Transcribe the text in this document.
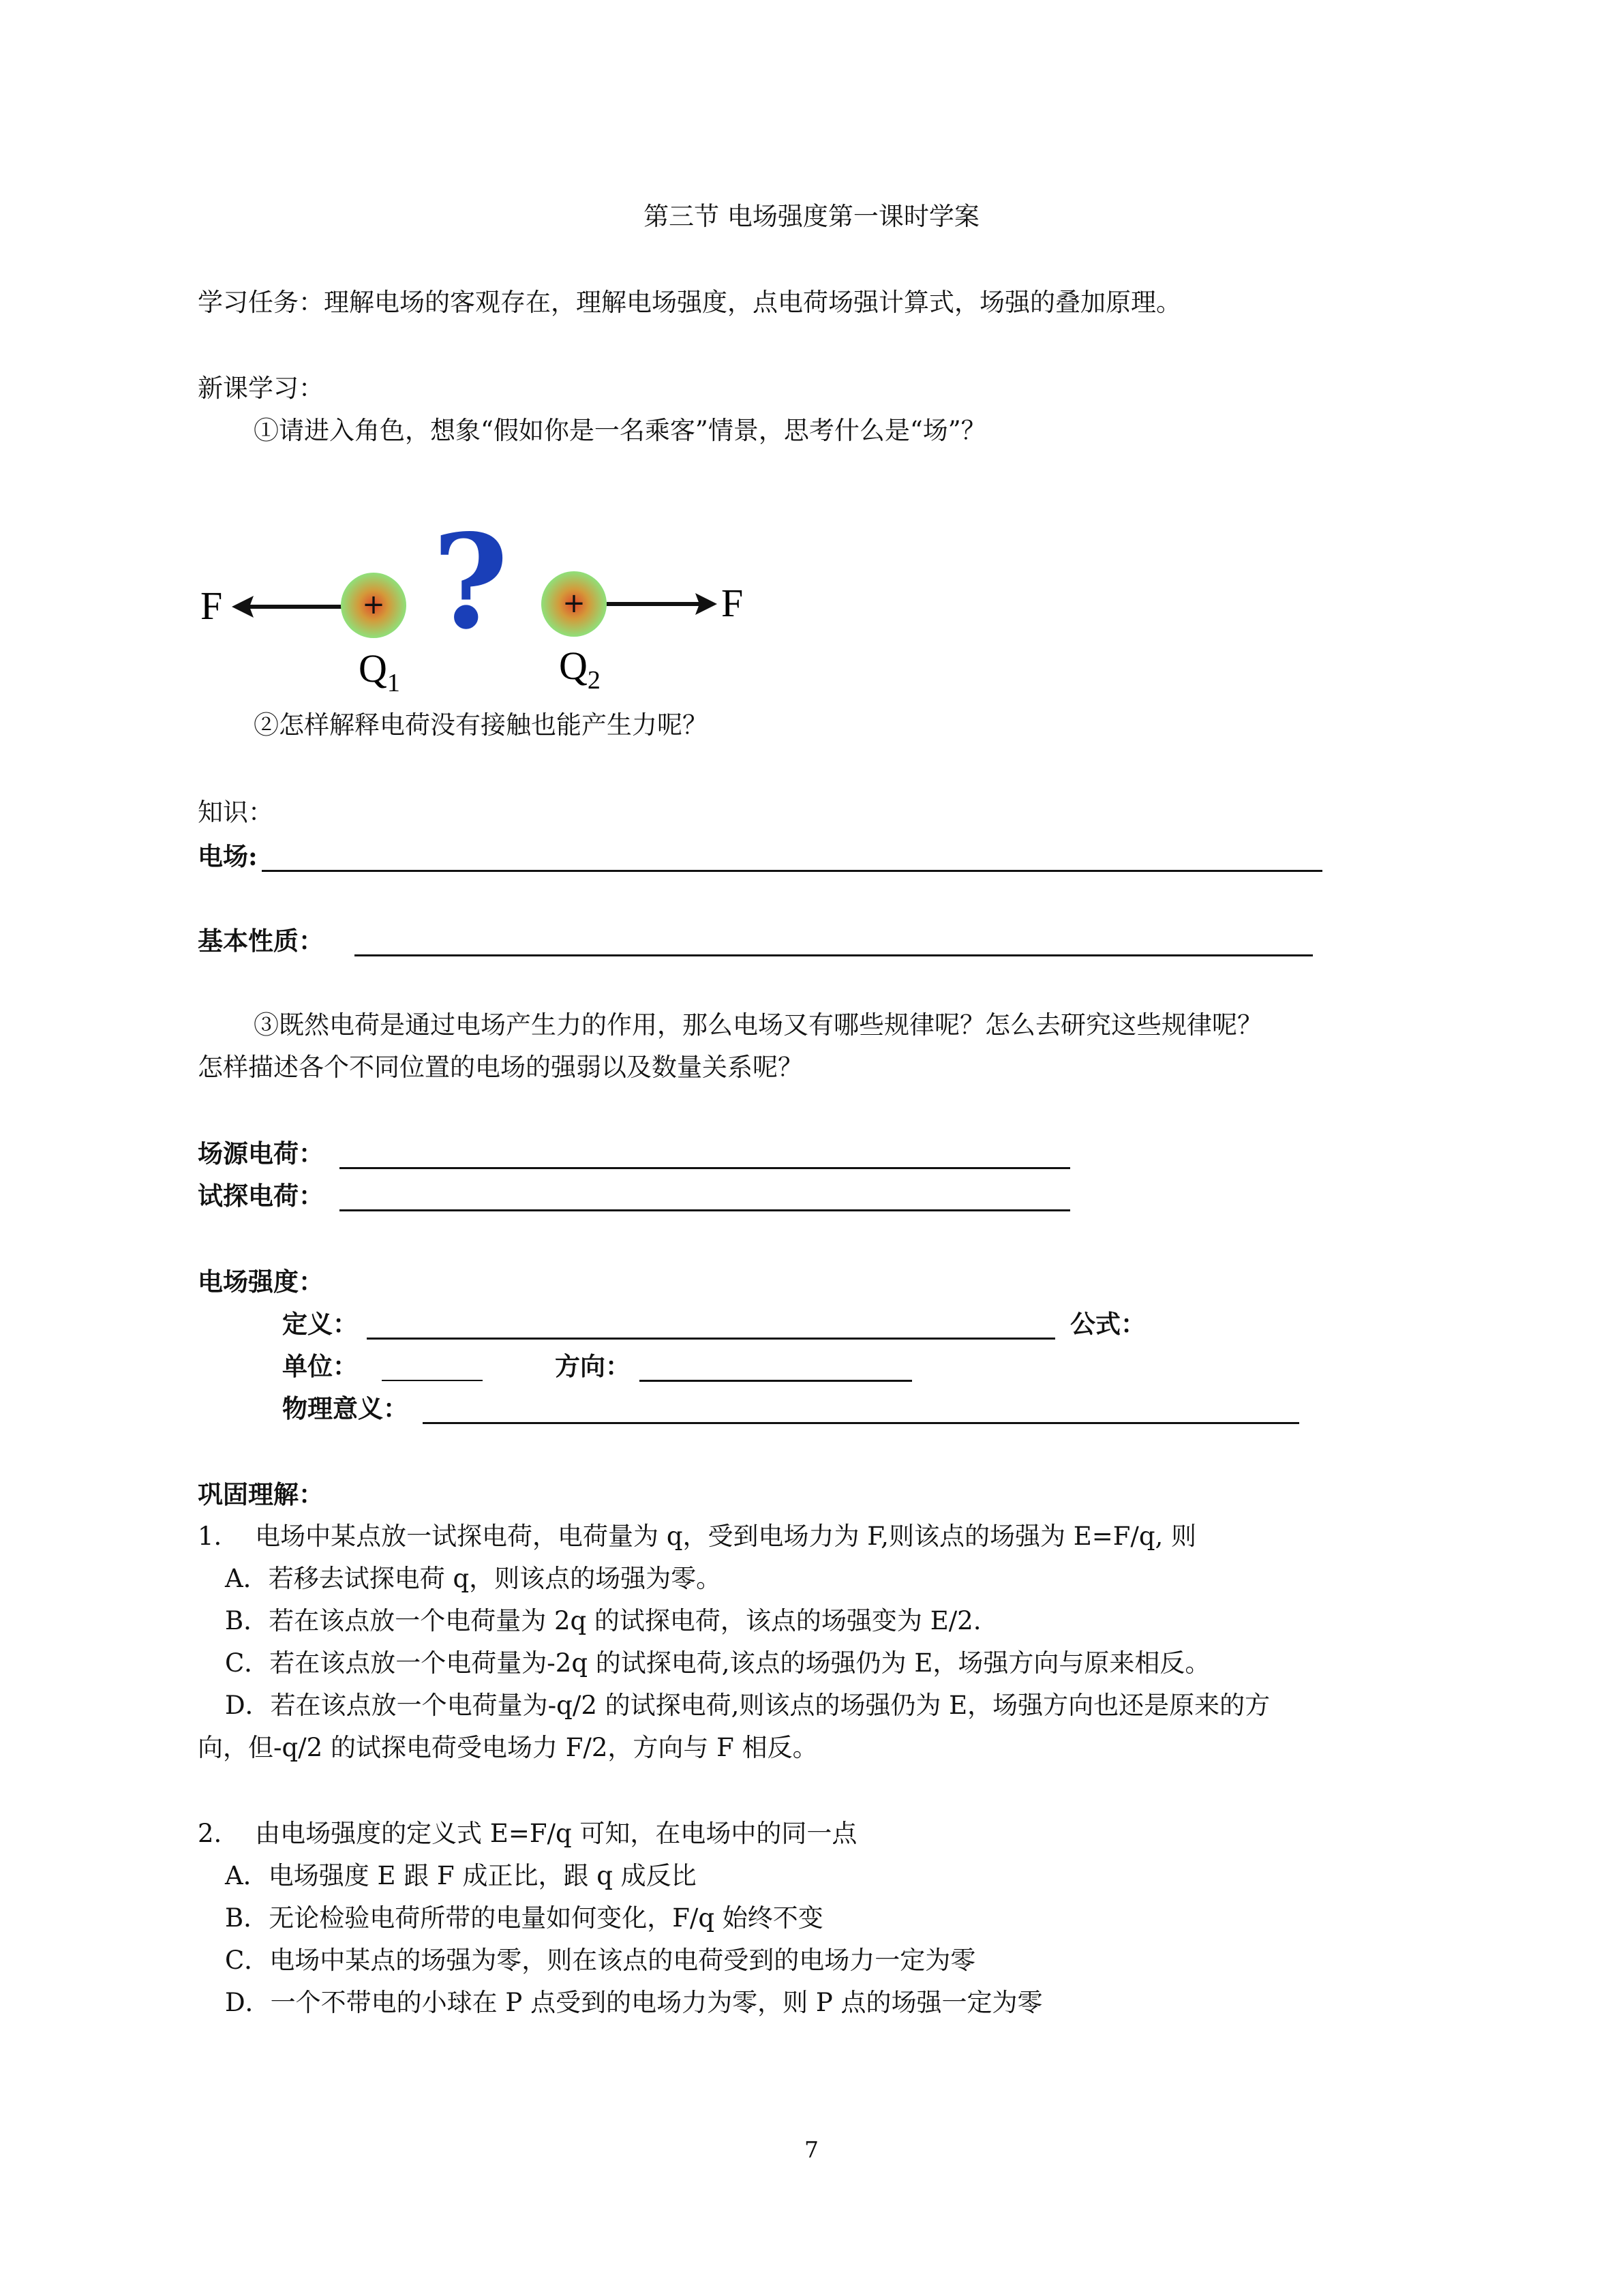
第三节 电场强度第一课时学案
学习任务：理解电场的客观存在，理解电场强度，点电荷场强计算式，场强的叠加原理。
新课学习：
①请进入角色，想象“假如你是一名乘客”情景，思考什么是“场”？
F	+ ? +	F
$Q_1$	$Q_2$
②怎样解释电荷没有接触也能产生力呢？
知识：
电场:
基本性质：
③既然电荷是通过电场产生力的作用，那么电场又有哪些规律呢？怎么去研究这些规律呢？
怎样描述各个不同位置的电场的强弱以及数量关系呢？
场源电荷：
试探电荷：
电场强度：
定义：	公式：
单位：	方向：
物理意义：
巩固理解：
1.　 电场中某点放一试探电荷，电荷量为 q，受到电场力为 F,则该点的场强为 E=F/q, 则
A．若移去试探电荷 q，则该点的场强为零。
B．若在该点放一个电荷量为 2q 的试探电荷，该点的场强变为 E/2.
C．若在该点放一个电荷量为-2q 的试探电荷,该点的场强仍为 E，场强方向与原来相反。
D．若在该点放一个电荷量为-q/2 的试探电荷,则该点的场强仍为 E，场强方向也还是原来的方
向，但-q/2 的试探电荷受电场力 F/2，方向与 F 相反。
2.　 由电场强度的定义式 E=F/q 可知，在电场中的同一点
A．电场强度 E 跟 F 成正比，跟 q 成反比
B．无论检验电荷所带的电量如何变化，F/q 始终不变
C．电场中某点的场强为零，则在该点的电荷受到的电场力一定为零
D．一个不带电的小球在 P 点受到的电场力为零，则 P 点的场强一定为零
7
